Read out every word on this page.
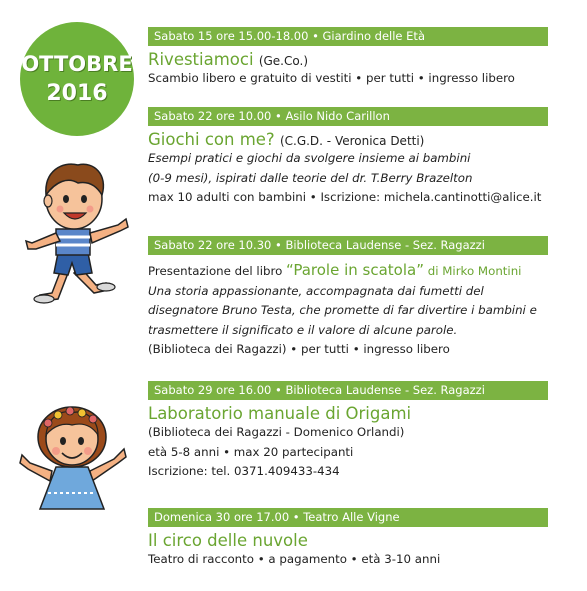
OTTOBRE
2016
Sabato 15 ore 15.00-18.00 • Giardino delle Età
Rivestiamoci (Ge.Co.)
Scambio libero e gratuito di vestiti • per tutti • ingresso libero
Sabato 22 ore 10.00 • Asilo Nido Carillon
Giochi con me? (C.G.D. - Veronica Detti)
Esempi pratici e giochi da svolgere insieme ai bambini
(0-9 mesi), ispirati dalle teorie del dr. T.Berry Brazelton
max 10 adulti con bambini • Iscrizione: michela.cantinotti@alice.it
Sabato 22 ore 10.30 • Biblioteca Laudense - Sez. Ragazzi
Presentazione del libro “Parole in scatola” di Mirko Montini
Una storia appassionante, accompagnata dai fumetti del
disegnatore Bruno Testa, che promette di far divertire i bambini e
trasmettere il significato e il valore di alcune parole.
(Biblioteca dei Ragazzi) • per tutti • ingresso libero
Sabato 29 ore 16.00 • Biblioteca Laudense - Sez. Ragazzi
Laboratorio manuale di Origami
(Biblioteca dei Ragazzi - Domenico Orlandi)
età 5-8 anni • max 20 partecipanti
Iscrizione: tel. 0371.409433-434
Domenica 30 ore 17.00 • Teatro Alle Vigne
Il circo delle nuvole
Teatro di racconto • a pagamento • età 3-10 anni
